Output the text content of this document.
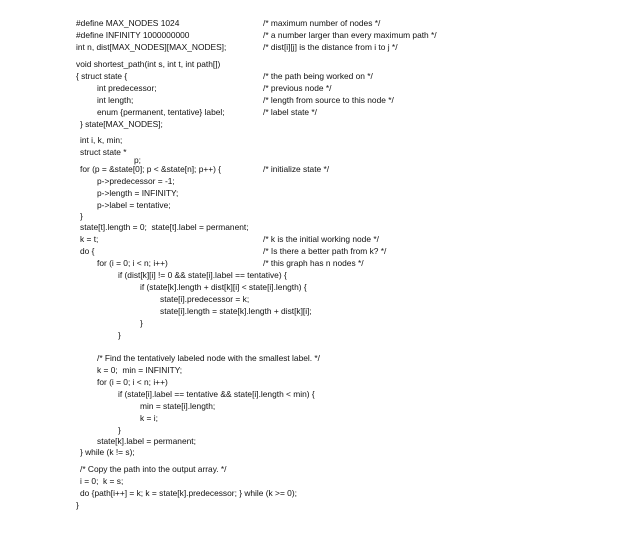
#define MAX_NODES 1024

	/* maximum number of nodes */

#define INFINITY 1000000000

	/* a number larger than every maximum path */

int n, dist[MAX_NODES][MAX_NODES];

	/* dist[i][j] is the distance from i to j */

void shortest_path(int s, int t, int path[])

{ struct state {

	/* the path being worked on */

int predecessor;

	/* previous node */

int length;

	/* length from source to this node */

enum {permanent, tentative} label;

	/* label state */

} state[MAX_NODES];

int i, k, min;

struct state *

p;

for (p = &state[0]; p < &state[n]; p++) {

	/* initialize state */

p->predecessor = -1;

p->length = INFINITY;

p->label = tentative;

}

state[t].length = 0;  state[t].label = permanent;

k = t;

	/* k is the initial working node */

do {

	/* Is there a better path from k? */

for (i = 0; i < n; i++)

	/* this graph has n nodes */

if (dist[k][i] != 0 && state[i].label == tentative) {

if (state[k].length + dist[k][i] < state[i].length) {

state[i].predecessor = k;

state[i].length = state[k].length + dist[k][i];

}

}

/* Find the tentatively labeled node with the smallest label. */

k = 0;  min = INFINITY;

for (i = 0; i < n; i++)

if (state[i].label == tentative && state[i].length < min) {

min = state[i].length;

k = i;

}

state[k].label = permanent;

} while (k != s);

/* Copy the path into the output array. */

i = 0;  k = s;

do {path[i++] = k; k = state[k].predecessor; } while (k >= 0);

}
